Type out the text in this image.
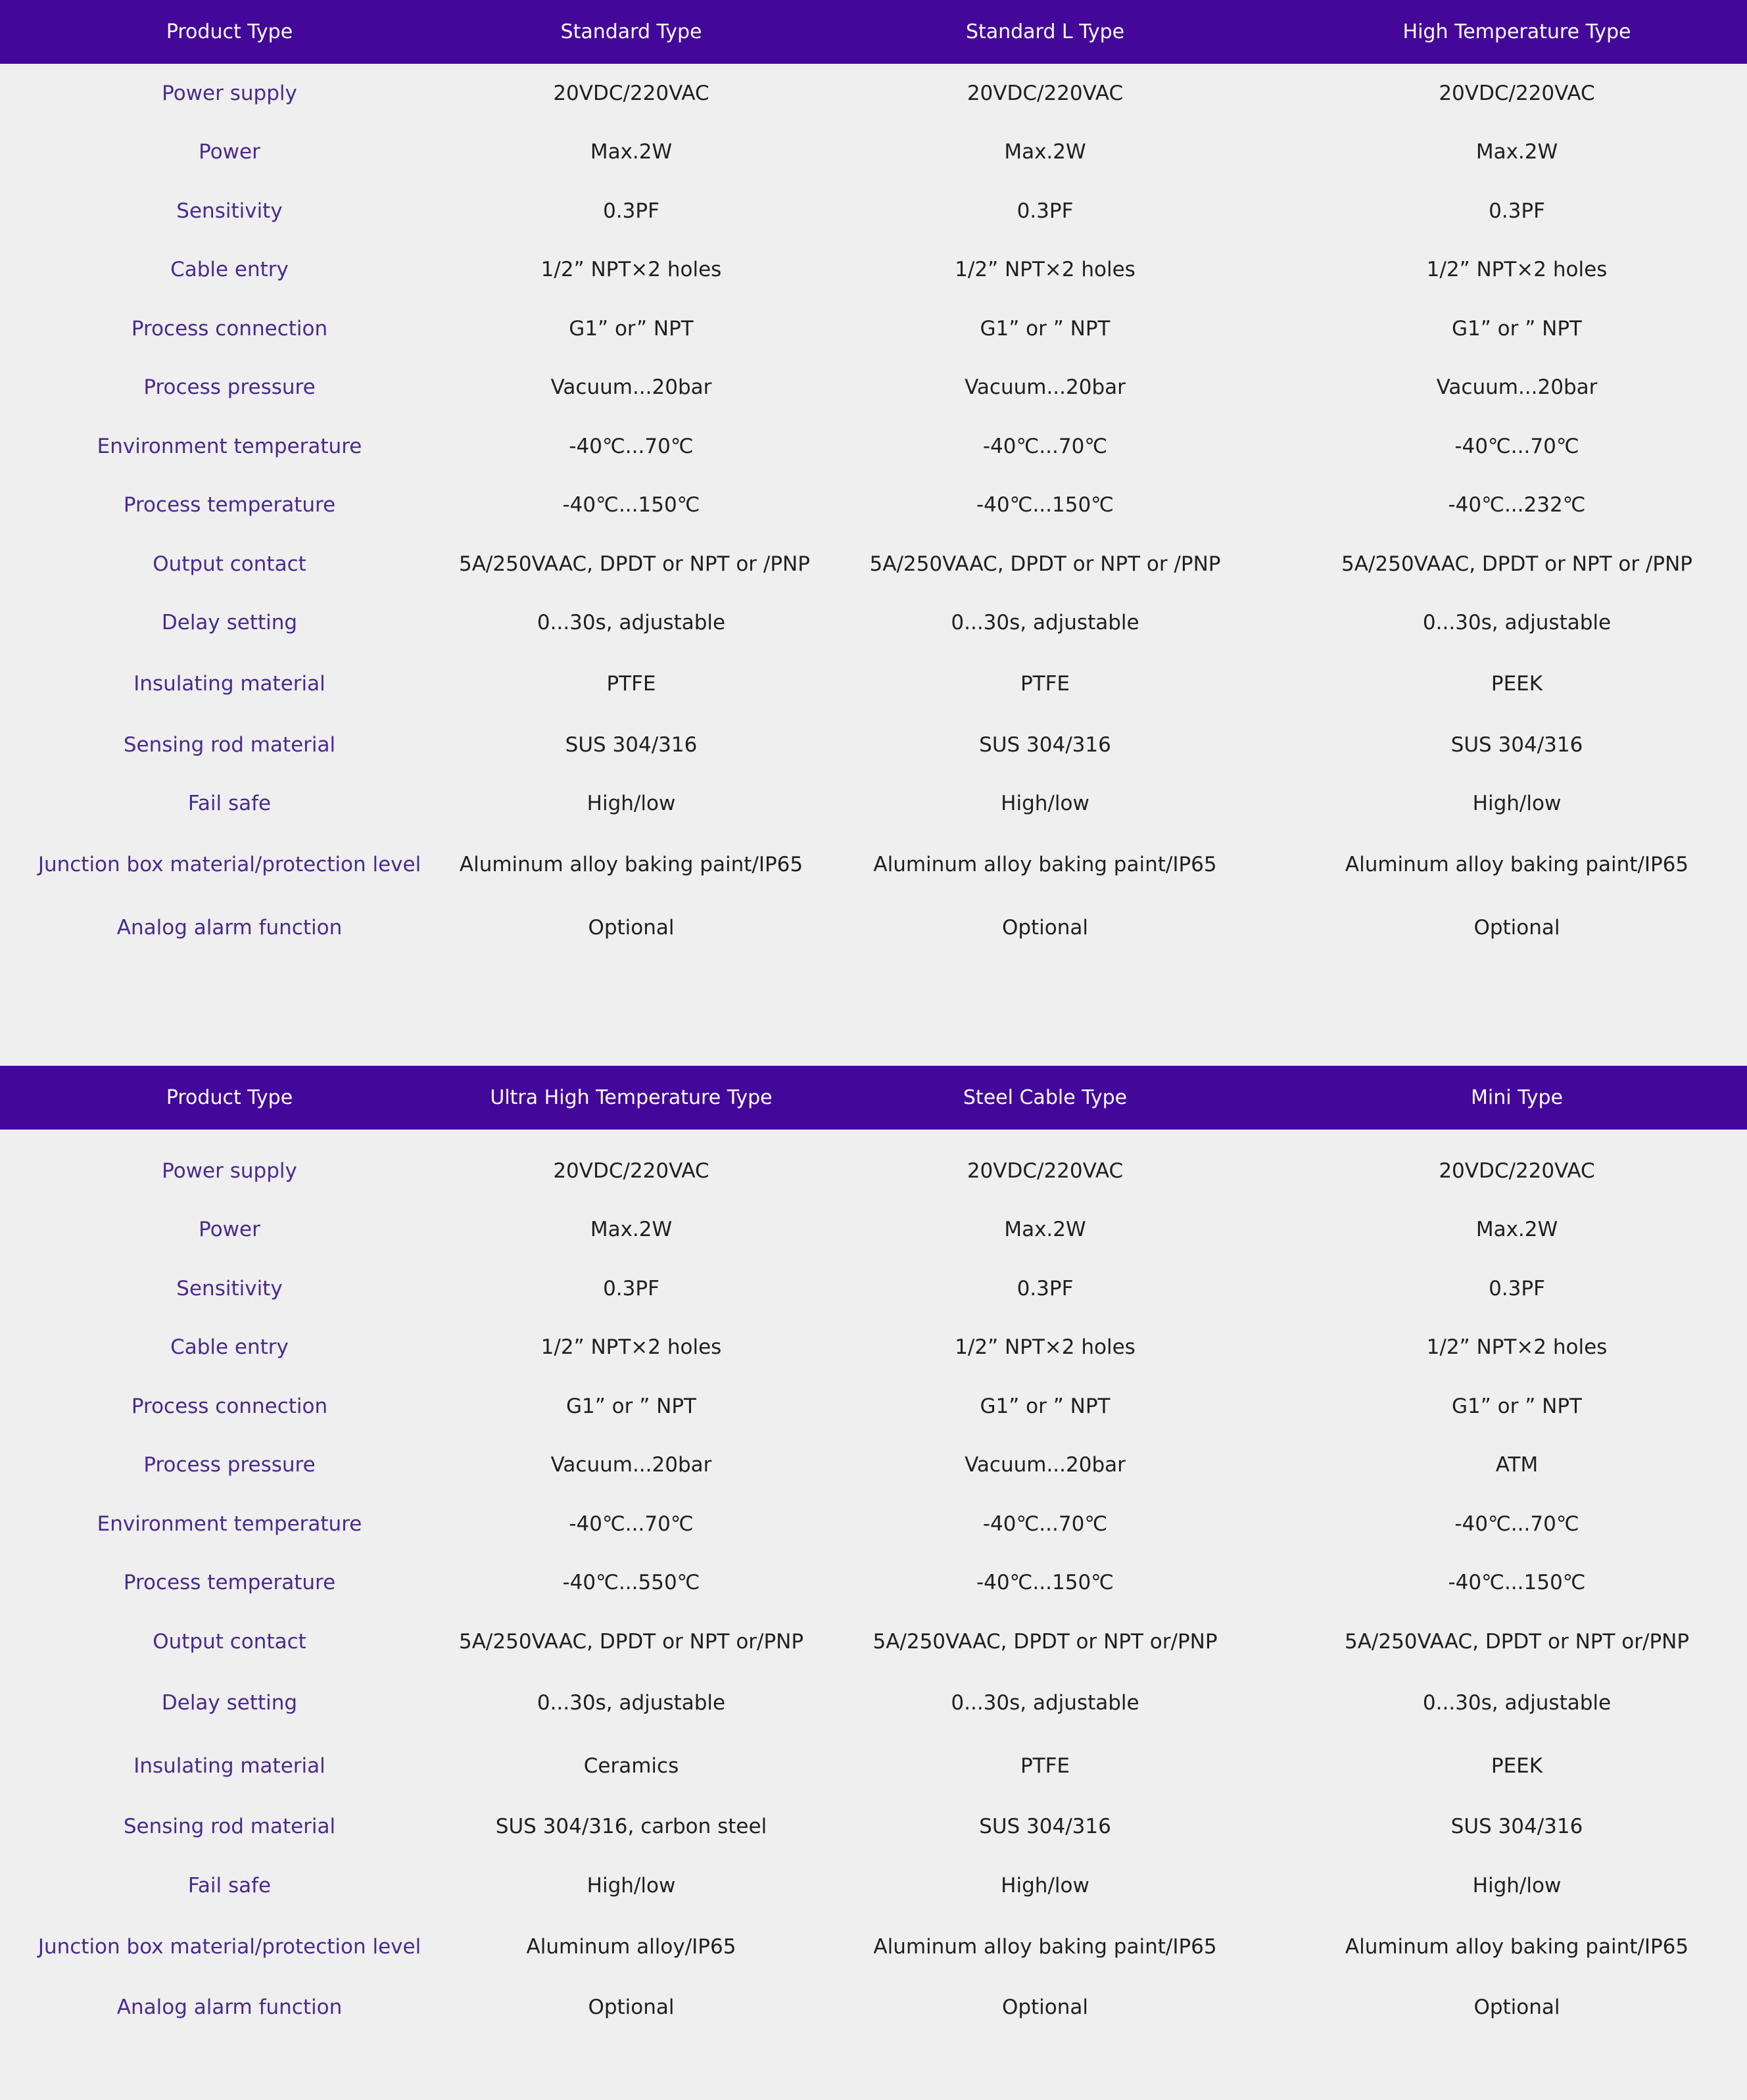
Product Type	Standard Type	Standard L Type	High Temperature Type
Power supply	20VDC/220VAC	20VDC/220VAC	20VDC/220VAC
Power	Max.2W	Max.2W	Max.2W
Sensitivity	0.3PF	0.3PF	0.3PF
Cable entry	1/2” NPT×2 holes	1/2” NPT×2 holes	1/2” NPT×2 holes
Process connection	G1” or” NPT	G1” or ” NPT	G1” or ” NPT
Process pressure	Vacuum...20bar	Vacuum...20bar	Vacuum...20bar
Environment temperature	-40℃...70℃	-40℃...70℃	-40℃...70℃
Process temperature	-40℃...150℃	-40℃...150℃	-40℃...232℃
Output contact	5A/250VAAC, DPDT or NPT or /PNP	5A/250VAAC, DPDT or NPT or /PNP	5A/250VAAC, DPDT or NPT or /PNP
Delay setting	0...30s, adjustable	0...30s, adjustable	0...30s, adjustable
Insulating material	PTFE	PTFE	PEEK
Sensing rod material	SUS 304/316	SUS 304/316	SUS 304/316
Fail safe	High/low	High/low	High/low
Junction box material/protection level	Aluminum alloy baking paint/IP65	Aluminum alloy baking paint/IP65	Aluminum alloy baking paint/IP65
Analog alarm function	Optional	Optional	Optional
Product Type	Ultra High Temperature Type	Steel Cable Type	Mini Type
Power supply	20VDC/220VAC	20VDC/220VAC	20VDC/220VAC
Power	Max.2W	Max.2W	Max.2W
Sensitivity	0.3PF	0.3PF	0.3PF
Cable entry	1/2” NPT×2 holes	1/2” NPT×2 holes	1/2” NPT×2 holes
Process connection	G1” or ” NPT	G1” or ” NPT	G1” or ” NPT
Process pressure	Vacuum...20bar	Vacuum...20bar	ATM
Environment temperature	-40℃...70℃	-40℃...70℃	-40℃...70℃
Process temperature	-40℃...550℃	-40℃...150℃	-40℃...150℃
Output contact	5A/250VAAC, DPDT or NPT or/PNP	5A/250VAAC, DPDT or NPT or/PNP	5A/250VAAC, DPDT or NPT or/PNP
Delay setting	0...30s, adjustable	0...30s, adjustable	0...30s, adjustable
Insulating material	Ceramics	PTFE	PEEK
Sensing rod material	SUS 304/316, carbon steel	SUS 304/316	SUS 304/316
Fail safe	High/low	High/low	High/low
Junction box material/protection level	Aluminum alloy/IP65	Aluminum alloy baking paint/IP65	Aluminum alloy baking paint/IP65
Analog alarm function	Optional	Optional	Optional
